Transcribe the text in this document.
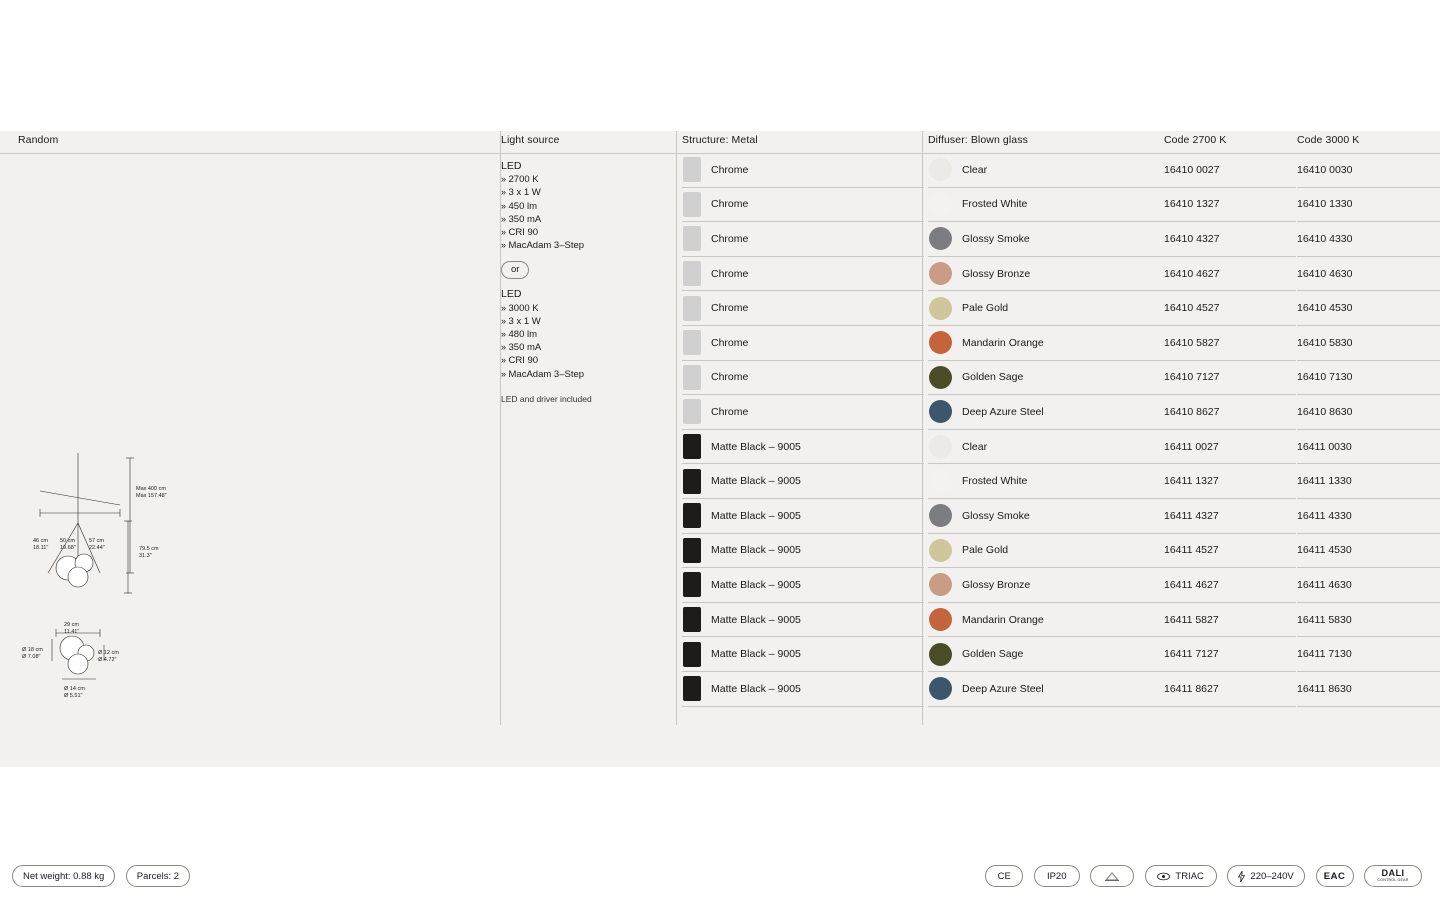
Random	Light source	Structure: Metal	Diffuser: Blown glass	Code 2700 K	Code 3000 K
Max 400 cm
Max 157.48"
46 cm
18.11"
50 cm
19.68"
57 cm
22.44"	79.5 cm
31.3"
29 cm
11.41"
Ø 18 cm
Ø 7.08"
Ø 12 cm
Ø 4.72"
Ø 14 cm
Ø 5.51"
LED
» 2700 K
» 3 x 1 W
» 450 lm
» 350 mA
» CRI 90
» MacAdam 3–Step
or
LED
» 3000 K
» 3 x 1 W
» 480 lm
» 350 mA
» CRI 90
» MacAdam 3–Step
LED and driver included
Chrome	Clear	16410 0027	16410 0030
Chrome	Frosted White	16410 1327	16410 1330
Chrome	Glossy Smoke	16410 4327	16410 4330
Chrome	Glossy Bronze	16410 4627	16410 4630
Chrome	Pale Gold	16410 4527	16410 4530
Chrome	Mandarin Orange	16410 5827	16410 5830
Chrome	Golden Sage	16410 7127	16410 7130
Chrome	Deep Azure Steel	16410 8627	16410 8630
Matte Black – 9005	Clear	16411 0027	16411 0030
Matte Black – 9005	Frosted White	16411 1327	16411 1330
Matte Black – 9005	Glossy Smoke	16411 4327	16411 4330
Matte Black – 9005	Pale Gold	16411 4527	16411 4530
Matte Black – 9005	Glossy Bronze	16411 4627	16411 4630
Matte Black – 9005	Mandarin Orange	16411 5827	16411 5830
Matte Black – 9005	Golden Sage	16411 7127	16411 7130
Matte Black – 9005	Deep Azure Steel	16411 8627	16411 8630
Net weight: 0.88 kg	Parcels: 2	CE	IP20
	TRIAC
	220–240V	EAC	DALI
CONTROL GEAR
